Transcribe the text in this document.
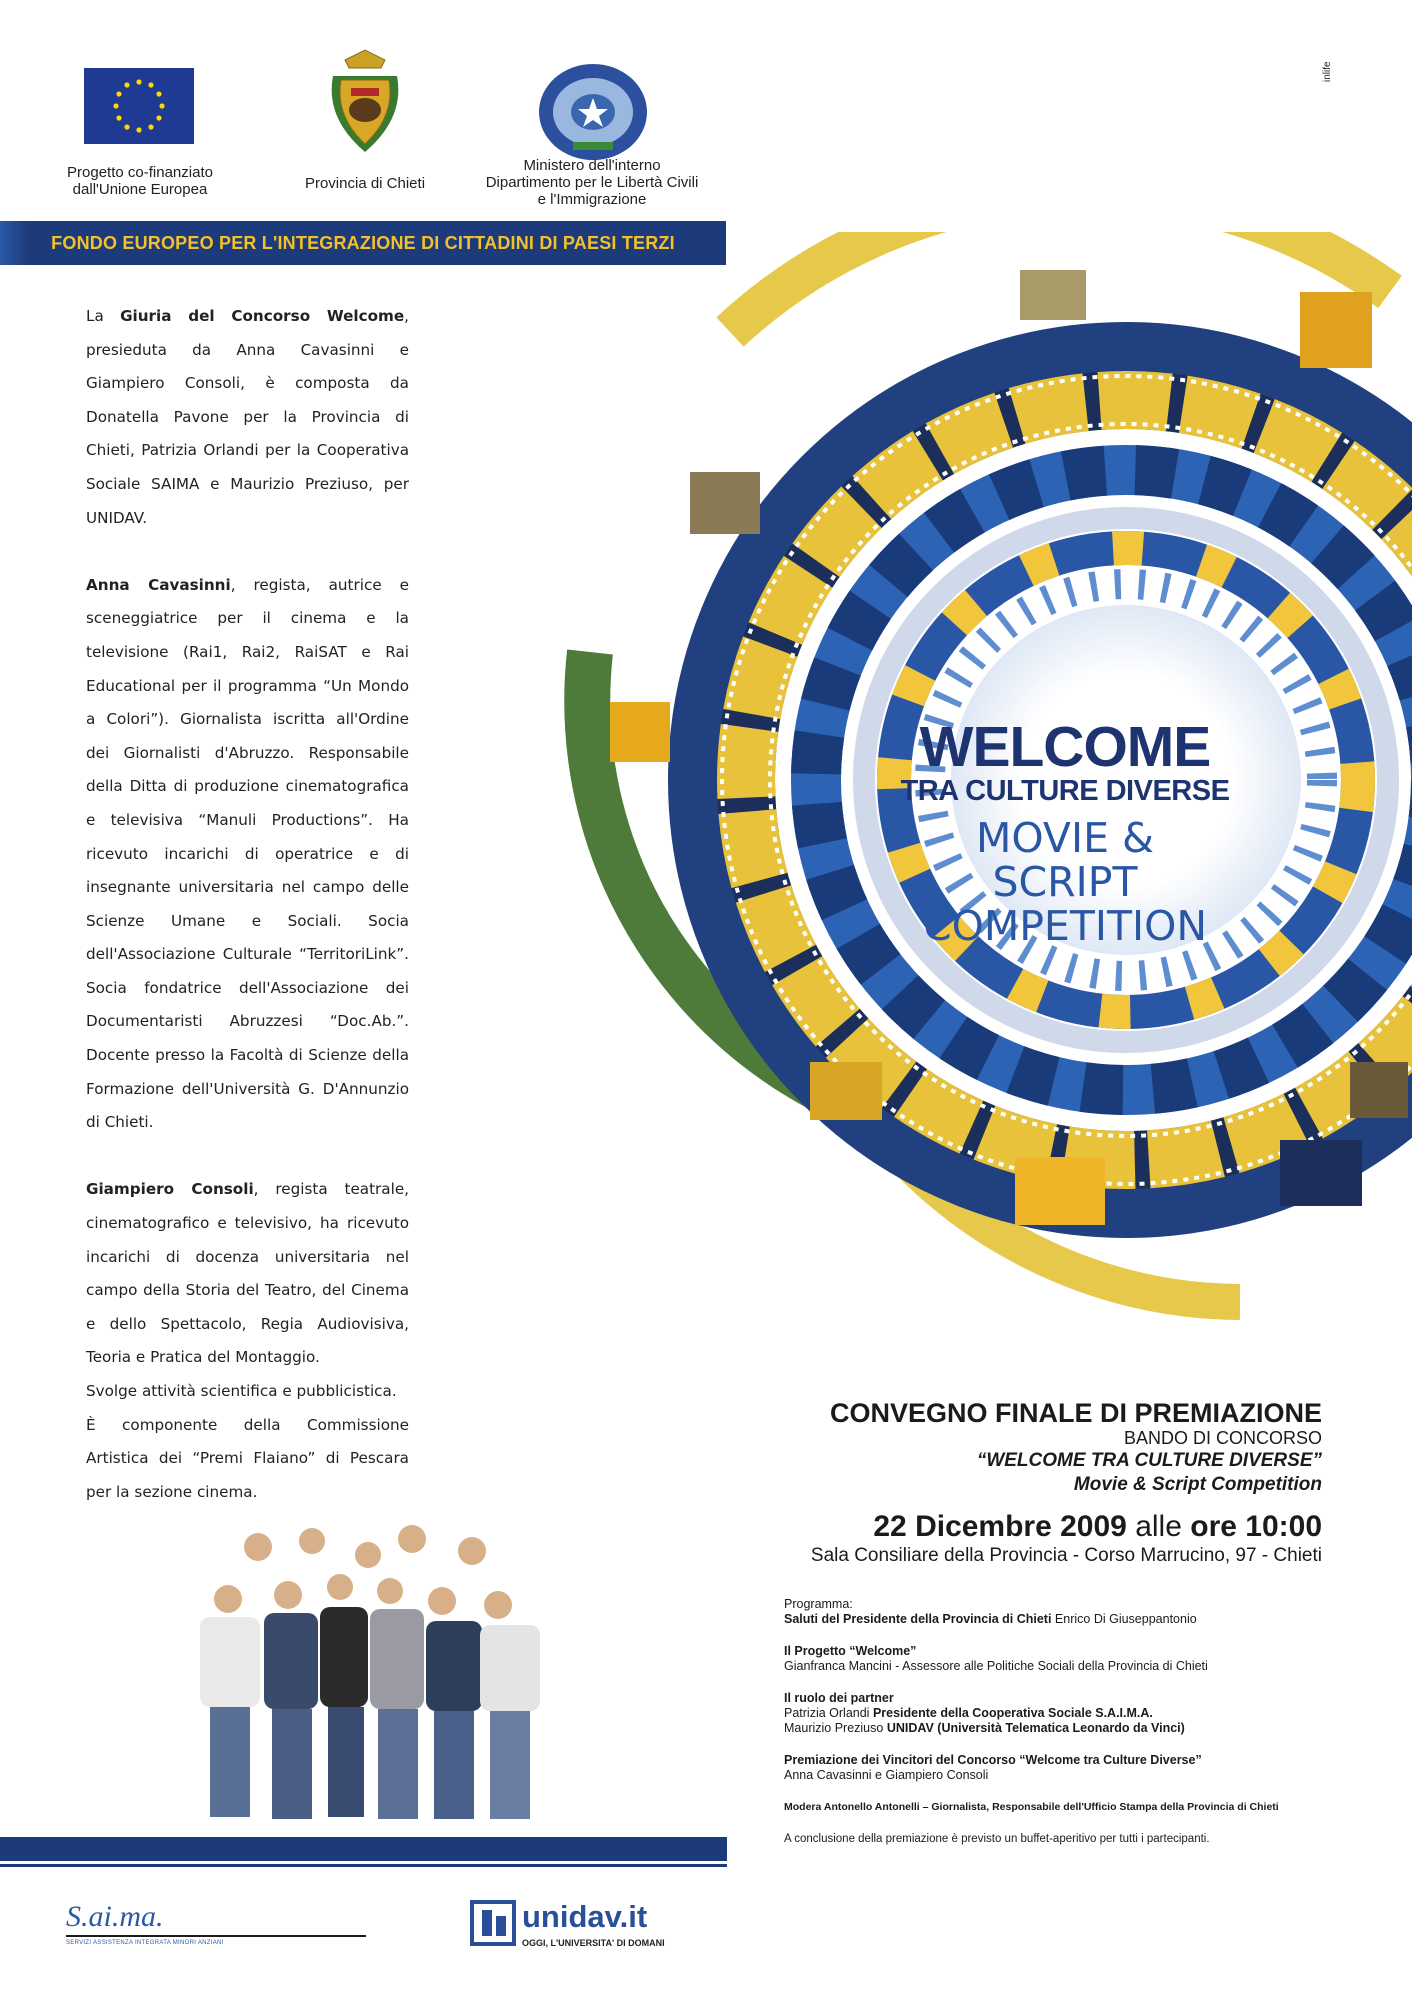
Progetto co-finanziato
dall'Unione Europea	Provincia di Chieti
Ministero dell'interno
Dipartimento per le Libertà Civili
e l'Immigrazione
inlife
FONDO EUROPEO PER L'INTEGRAZIONE DI CITTADINI DI PAESI TERZI

La Giuria del Concorso Welcome, presieduta da Anna Cavasinni e Giampiero Consoli, è composta da Donatella Pavone per la Provincia di Chieti, Patrizia Orlandi per la Cooperativa Sociale SAIMA e Maurizio Preziuso, per UNIDAV.

Anna Cavasinni, regista, autrice e sceneggiatrice per il cinema e la televisione (Rai1, Rai2, RaiSAT e Rai Educational per il programma “Un Mondo a Colori”). Giornalista iscritta all'Ordine dei Giornalisti d'Abruzzo. Responsabile della Ditta di produzione cinematografica e televisiva “Manuli Productions”. Ha ricevuto incarichi di operatrice e di insegnante universitaria nel campo delle Scienze Umane e Sociali. Socia dell'Associazione Culturale “TerritoriLink”. Socia fondatrice dell'Associazione dei Documentaristi Abruzzesi “Doc.Ab.”. Docente presso la Facoltà di Scienze della Formazione dell'Università G. D'Annunzio di Chieti.

Giampiero Consoli, regista teatrale, cinematografico e televisivo, ha ricevuto incarichi di docenza universitaria nel campo della Storia del Teatro, del Cinema e dello Spettacolo, Regia Audiovisiva, Teoria e Pratica del Montaggio.
Svolge attività scientifica e pubblicistica.
È componente della Commissione Artistica dei “Premi Flaiano” di Pescara per la sezione cinema.

WELCOME
TRA CULTURE DIVERSE
MOVIE & SCRIPT
COMPETITION
CONVEGNO FINALE DI PREMIAZIONE
BANDO DI CONCORSO
“WELCOME TRA CULTURE DIVERSE”
Movie & Script Competition
22 Dicembre 2009 alle ore 10:00
Sala Consiliare della Provincia - Corso Marrucino, 97 - Chieti
Programma:
Saluti del Presidente della Provincia di Chieti Enrico Di Giuseppantonio
Il Progetto “Welcome”
Gianfranca Mancini - Assessore alle Politiche Sociali della Provincia di Chieti
Il ruolo dei partner
Patrizia Orlandi Presidente della Cooperativa Sociale S.A.I.M.A.
Maurizio Preziuso UNIDAV (Università Telematica Leonardo da Vinci)
Premiazione dei Vincitori del Concorso “Welcome tra Culture Diverse”
Anna Cavasinni e Giampiero Consoli
Modera Antonello Antonelli – Giornalista, Responsabile dell'Ufficio Stampa della Provincia di Chieti
A conclusione della premiazione è previsto un buffet-aperitivo per tutti i partecipanti.
S.ai.ma.
SERVIZI ASSISTENZA INTEGRATA MINORI ANZIANI
unidav.it
OGGI, L'UNIVERSITA' DI DOMANI
